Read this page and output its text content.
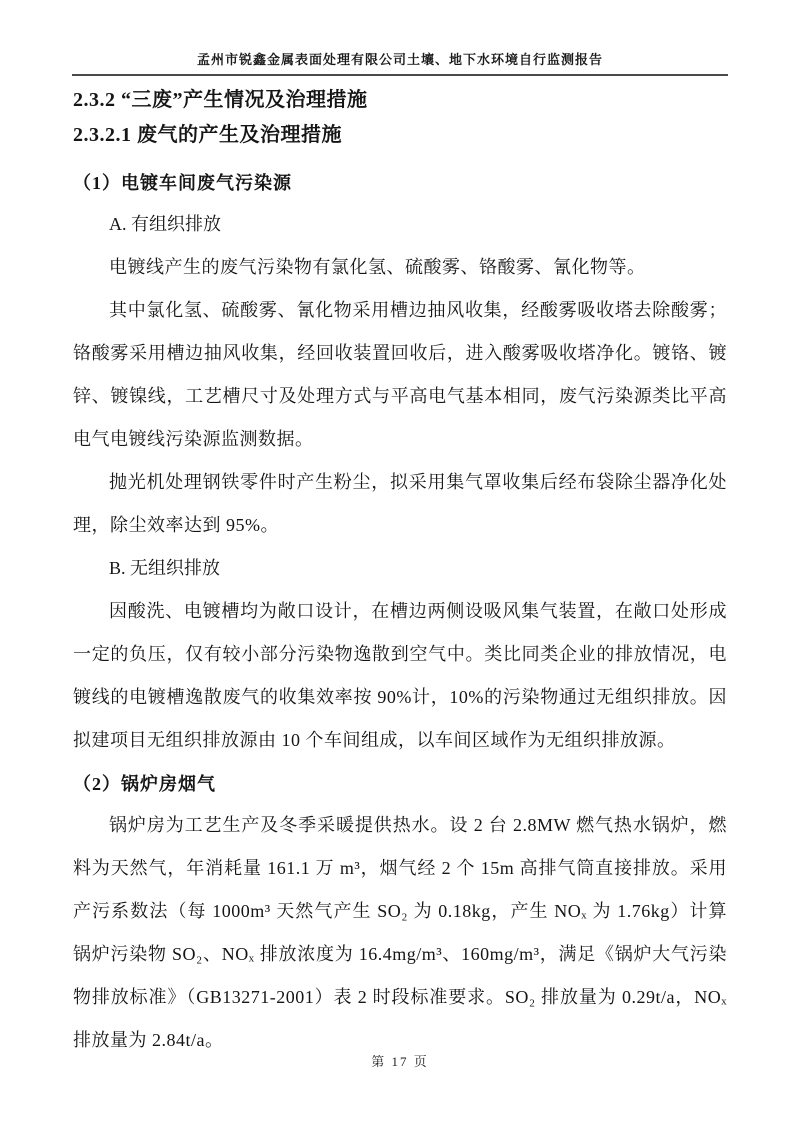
孟州市锐鑫金属表面处理有限公司土壤、地下水环境自行监测报告
2.3.2 “三废”产生情况及治理措施
2.3.2.1 废气的产生及治理措施
（1）电镀车间废气污染源
A. 有组织排放

电镀线产生的废气污染物有氯化氢、硫酸雾、铬酸雾、氰化物等。

其中氯化氢、硫酸雾、氰化物采用槽边抽风收集，经酸雾吸收塔去除酸雾；铬酸雾采用槽边抽风收集，经回收装置回收后，进入酸雾吸收塔净化。镀铬、镀锌、镀镍线，工艺槽尺寸及处理方式与平高电气基本相同，废气污染源类比平高电气电镀线污染源监测数据。

抛光机处理钢铁零件时产生粉尘，拟采用集气罩收集后经布袋除尘器净化处理，除尘效率达到 95%。

B. 无组织排放

因酸洗、电镀槽均为敞口设计，在槽边两侧设吸风集气装置，在敞口处形成一定的负压，仅有较小部分污染物逸散到空气中。类比同类企业的排放情况，电镀线的电镀槽逸散废气的收集效率按 90%计，10%的污染物通过无组织排放。因拟建项目无组织排放源由 10 个车间组成，以车间区域作为无组织排放源。

（2）锅炉房烟气

锅炉房为工艺生产及冬季采暖提供热水。设 2 台 2.8MW 燃气热水锅炉，燃料为天然气，年消耗量 161.1 万 m³，烟气经 2 个 15m 高排气筒直接排放。采用产污系数法（每 1000m³ 天然气产生 SO₂ 为 0.18kg，产生 NOₓ 为 1.76kg）计算锅炉污染物 SO₂、NOₓ 排放浓度为 16.4mg/m³、160mg/m³，满足《锅炉大气污染物排放标准》（GB13271-2001）表 2 时段标准要求。SO₂ 排放量为 0.29t/a，NOₓ 排放量为 2.84t/a。

第 17 页
